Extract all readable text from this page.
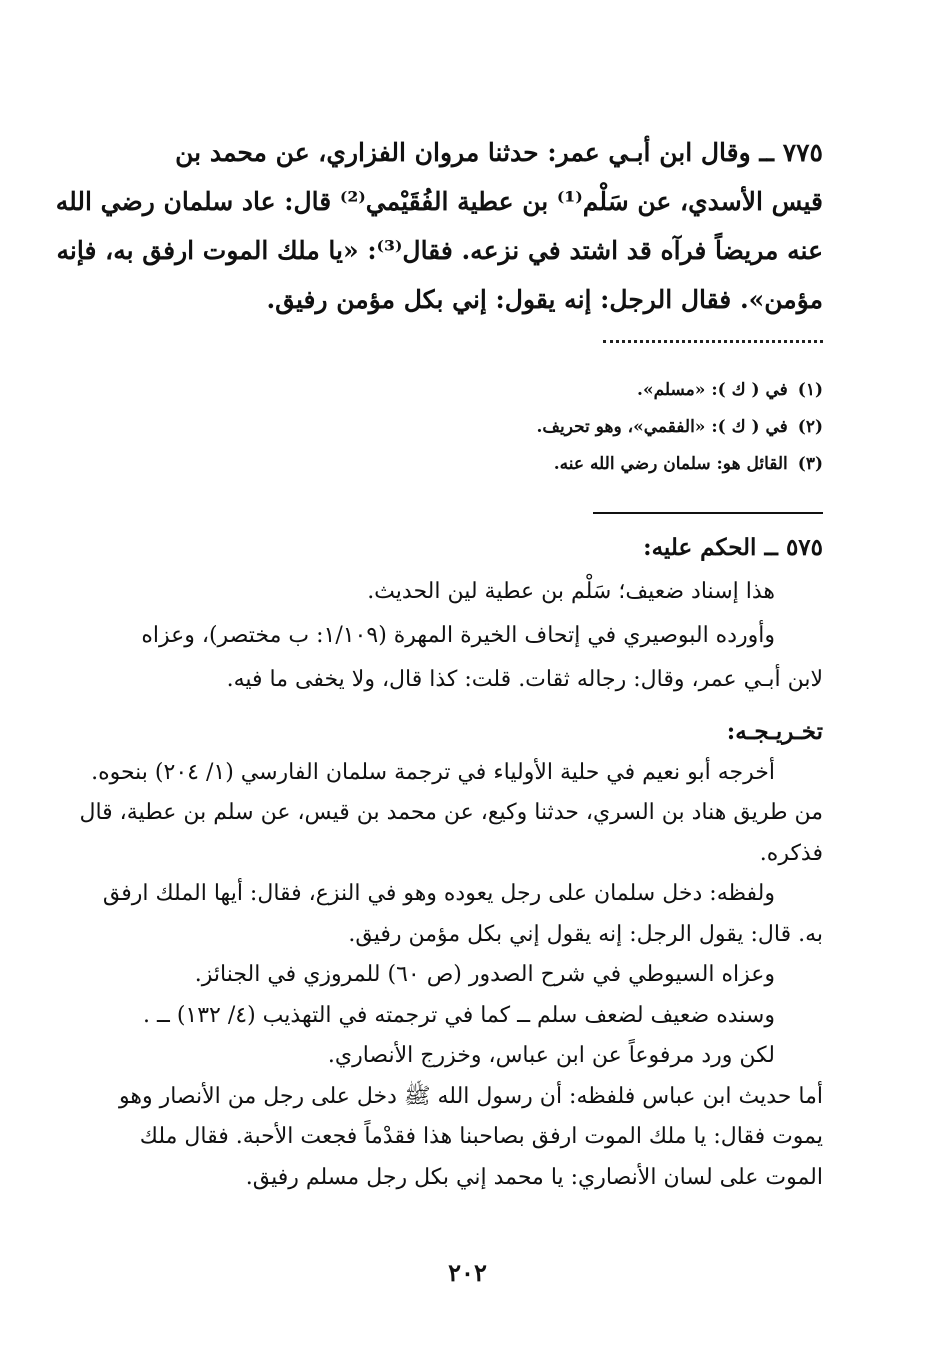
٧٧٥ ــ وقال ابن أبـي عمر: حدثنا مروان الفزاري، عن محمد بن
قيس الأسدي، عن سَلْم⁽¹⁾ بن عطية الفُقَيْمي⁽²⁾ قال: عاد سلمان رضي الله
عنه مريضاً فرآه قد اشتد في نزعه. فقال⁽³⁾: «يا ملك الموت ارفق به، فإنه
مؤمن». فقال الرجل: إنه يقول: إني بكل مؤمن رفيق.
(١)في ( ك ): «مسلم».
(٢)في ( ك ): «الفقمي»، وهو تحريف.
(٣)القائل هو: سلمان رضي الله عنه.
٥٧٥ ــ الحكم عليه:
هذا إسناد ضعيف؛ سَلْم بن عطية لين الحديث.
وأورده البوصيري في إتحاف الخيرة المهرة (١/١٠٩: ب مختصر)، وعزاه
لابن أبـي عمر، وقال: رجاله ثقات. قلت: كذا قال، ولا يخفى ما فيه.
تخـريـجـه:
أخرجه أبو نعيم في حلية الأولياء في ترجمة سلمان الفارسي (١/ ٢٠٤) بنحوه.
من طريق هناد بن السري، حدثنا وكيع، عن محمد بن قيس، عن سلم بن عطية، قال
فذكره.
ولفظه: دخل سلمان على رجل يعوده وهو في النزع، فقال: أيها الملك ارفق
به. قال: يقول الرجل: إنه يقول إني بكل مؤمن رفيق.
وعزاه السيوطي في شرح الصدور (ص ٦٠) للمروزي في الجنائز.
وسنده ضعيف لضعف سلم ــ كما في ترجمته في التهذيب (٤/ ١٣٢) ــ .
لكن ورد مرفوعاً عن ابن عباس، وخزرج الأنصاري.
أما حديث ابن عباس فلفظه: أن رسول الله ﷺ دخل على رجل من الأنصار وهو
يموت فقال: يا ملك الموت ارفق بصاحبنا هذا فقدْماً فجعت الأحبة. فقال ملك
الموت على لسان الأنصاري: يا محمد إني بكل رجل مسلم رفيق.
٢٠٢
